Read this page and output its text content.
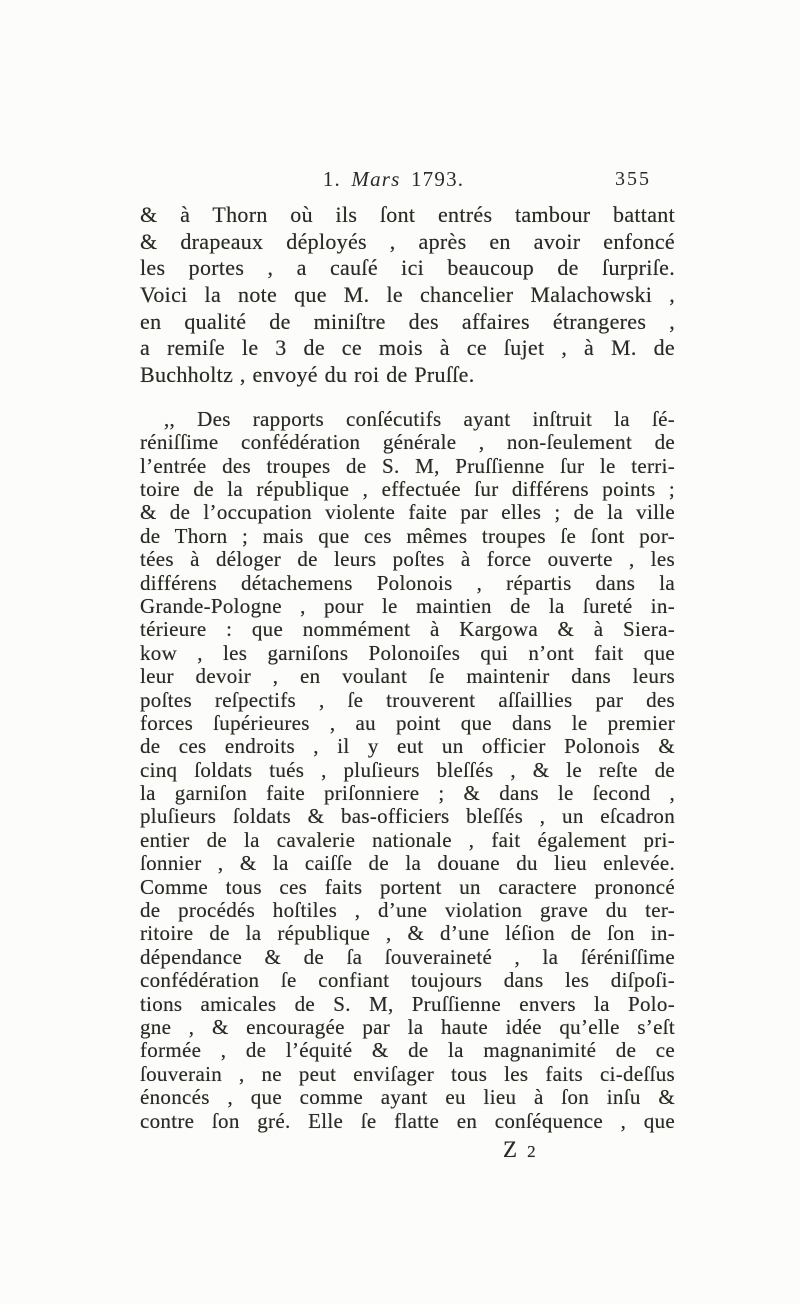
1. Mars 1793.	355
& à Thorn où ils ſont entrés tambour battant
& drapeaux déployés , après en avoir enfoncé
les portes , a cauſé ici beaucoup de ſurpriſe.
Voici la note que M. le chancelier Malachowski ,
en qualité de miniſtre des affaires étrangeres ,
a remiſe le 3 de ce mois à ce ſujet , à M. de
Buchholtz , envoyé du roi de Pruſſe.
,, Des rapports conſécutifs ayant inſtruit la ſé-
réniſſime confédération générale , non-ſeulement de
l’entrée des troupes de S. M, Pruſſienne ſur le terri-
toire de la république , effectuée ſur différens points ;
& de l’occupation violente faite par elles ; de la ville
de Thorn ; mais que ces mêmes troupes ſe ſont por-
tées à déloger de leurs poſtes à force ouverte , les
différens détachemens Polonois , répartis dans la
Grande-Pologne , pour le maintien de la ſureté in-
térieure : que nommément à Kargowa & à Siera-
kow , les garniſons Polonoiſes qui n’ont fait que
leur devoir , en voulant ſe maintenir dans leurs
poſtes reſpectifs , ſe trouverent aſſaillies par des
forces ſupérieures , au point que dans le premier
de ces endroits , il y eut un officier Polonois &
cinq ſoldats tués , pluſieurs bleſſés , & le reſte de
la garniſon faite priſonniere ; & dans le ſecond ,
pluſieurs ſoldats & bas-officiers bleſſés , un eſcadron
entier de la cavalerie nationale , fait également pri-
ſonnier , & la caiſſe de la douane du lieu enlevée.
Comme tous ces faits portent un caractere prononcé
de procédés hoſtiles , d’une violation grave du ter-
ritoire de la république , & d’une léſion de ſon in-
dépendance & de ſa ſouveraineté , la ſéréniſſime
confédération ſe confiant toujours dans les diſpoſi-
tions amicales de S. M, Pruſſienne envers la Polo-
gne , & encouragée par la haute idée qu’elle s’eſt
formée , de l’équité & de la magnanimité de ce
ſouverain , ne peut enviſager tous les faits ci-deſſus
énoncés , que comme ayant eu lieu à ſon inſu &
contre ſon gré. Elle ſe flatte en conſéquence , que
Z 2
